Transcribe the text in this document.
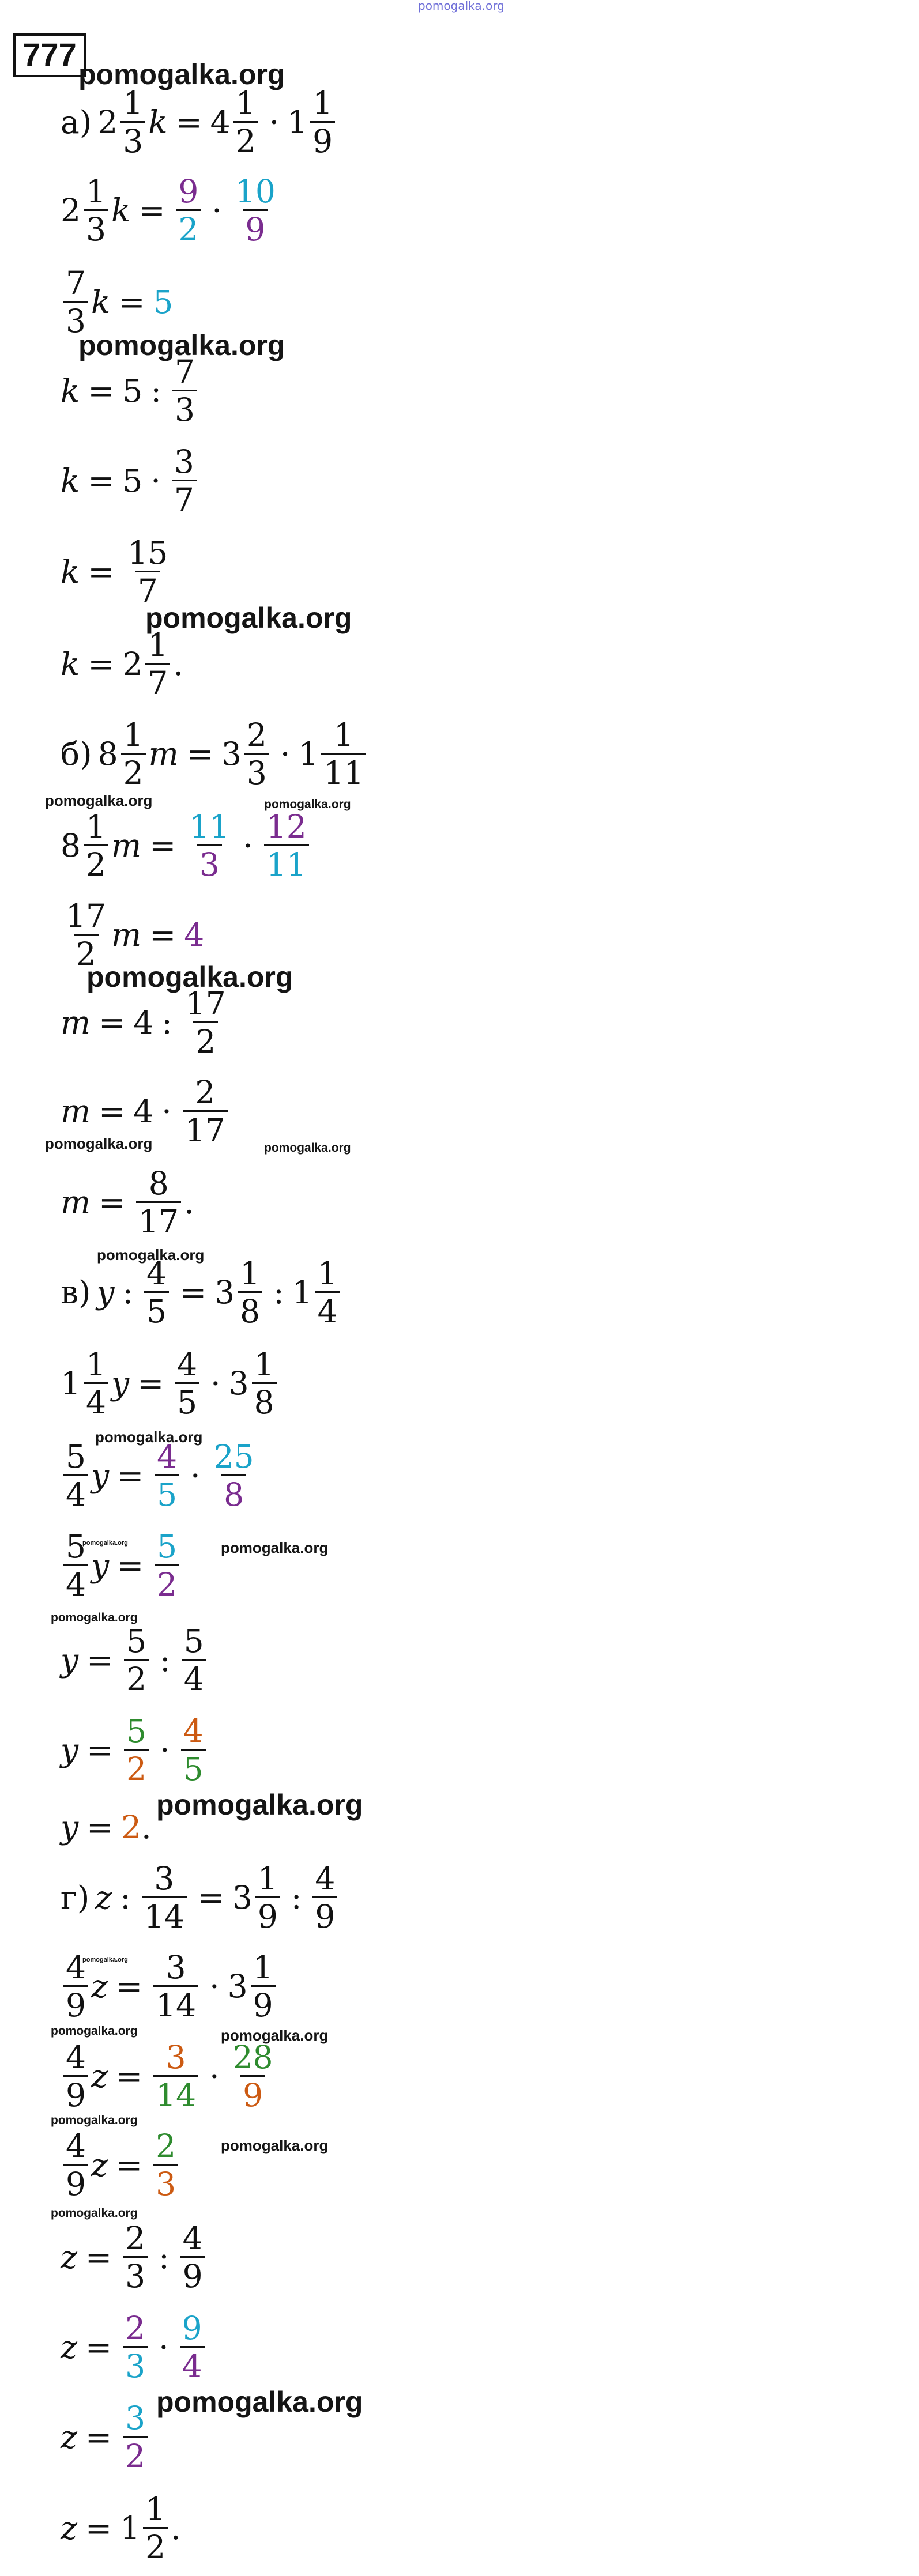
pomogalka.org
777
pomogalka.org
pomogalka.org
pomogalka.org
pomogalka.org	pomogalka.org
pomogalka.org
pomogalka.org	pomogalka.org
pomogalka.org
pomogalka.org
pomogalka.org	pomogalka.org
pomogalka.org
pomogalka.org
pomogalka.org
pomogalka.org	pomogalka.org
pomogalka.org
pomogalka.org
pomogalka.org
pomogalka.org
а) $2 \frac{1}{3}$ $k = 4 \frac{1}{2} \cdot 1 \frac{1}{9}$
$2 \frac{1}{3}$ $k = \frac{9}{2} \cdot \frac{10}{9}$
$\frac{7}{3}$ k = 5
k = 5 : $\frac{7}{3}$
$k = 5 \cdot \frac{3}{7}$
$k = \frac{15}{7}$
$k = 2 \frac{1}{7}$ .
б) $8 \frac{1}{2}$ $m = 3 \frac{2}{3} \cdot 1 \frac{1}{11}$
$8 \frac{1}{2}$ $m = \frac{11}{3} \cdot \frac{12}{11}$
$\frac{17}{2}$ m = 4
m = 4 : $\frac{17}{2}$
$m = 4 \cdot \frac{2}{17}$
$m = \frac{8}{17}$ .
в) y : $\frac{4}{5} = 3 \frac{1}{8}$ : $1 \frac{1}{4}$
$1 \frac{1}{4}$ $y = \frac{4}{5} \cdot 3 \frac{1}{8}$
$\frac{5}{4}$ $y = \frac{4}{5} \cdot \frac{25}{8}$
$\frac{5}{4}$ $y = \frac{5}{2}$
$y = \frac{5}{2}$ : $\frac{5}{4}$
$y = \frac{5}{2} \cdot \frac{4}{5}$
y = 2 .
г) z : $\frac{3}{14} = 3 \frac{1}{9}$ : $\frac{4}{9}$
$\frac{4}{9}$ $z = \frac{3}{14} \cdot 3 \frac{1}{9}$
$\frac{4}{9}$ $z = \frac{3}{14} \cdot \frac{28}{9}$
$\frac{4}{9}$ $z = \frac{2}{3}$
$z = \frac{2}{3}$ : $\frac{4}{9}$
$z = \frac{2}{3} \cdot \frac{9}{4}$
$z = \frac{3}{2}$
$z = 1 \frac{1}{2}$ .
